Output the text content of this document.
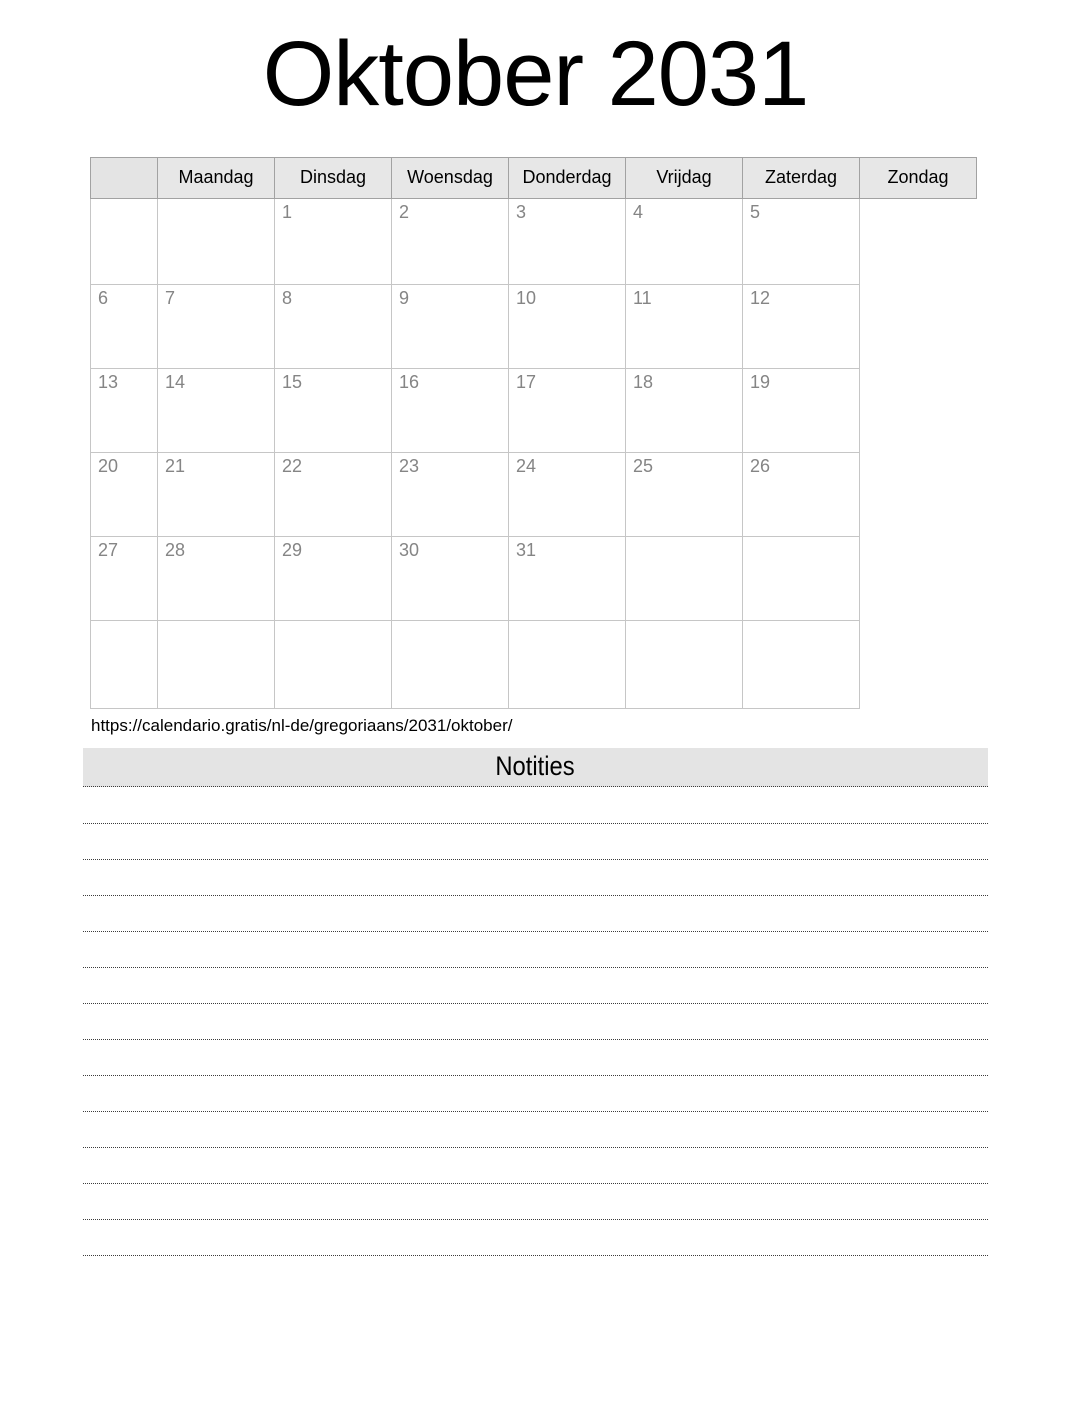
Oktober 2031
	Maandag	Dinsdag	Woensdag	Donderdag	Vrijdag	Zaterdag	Zondag
		1	2	3	4	5	
6	7	8	9	10	11	12	
13	14	15	16	17	18	19	
20	21	22	23	24	25	26	
27	28	29	30	31			

https://calendario.gratis/nl-de/gregoriaans/2031/oktober/

Notities
